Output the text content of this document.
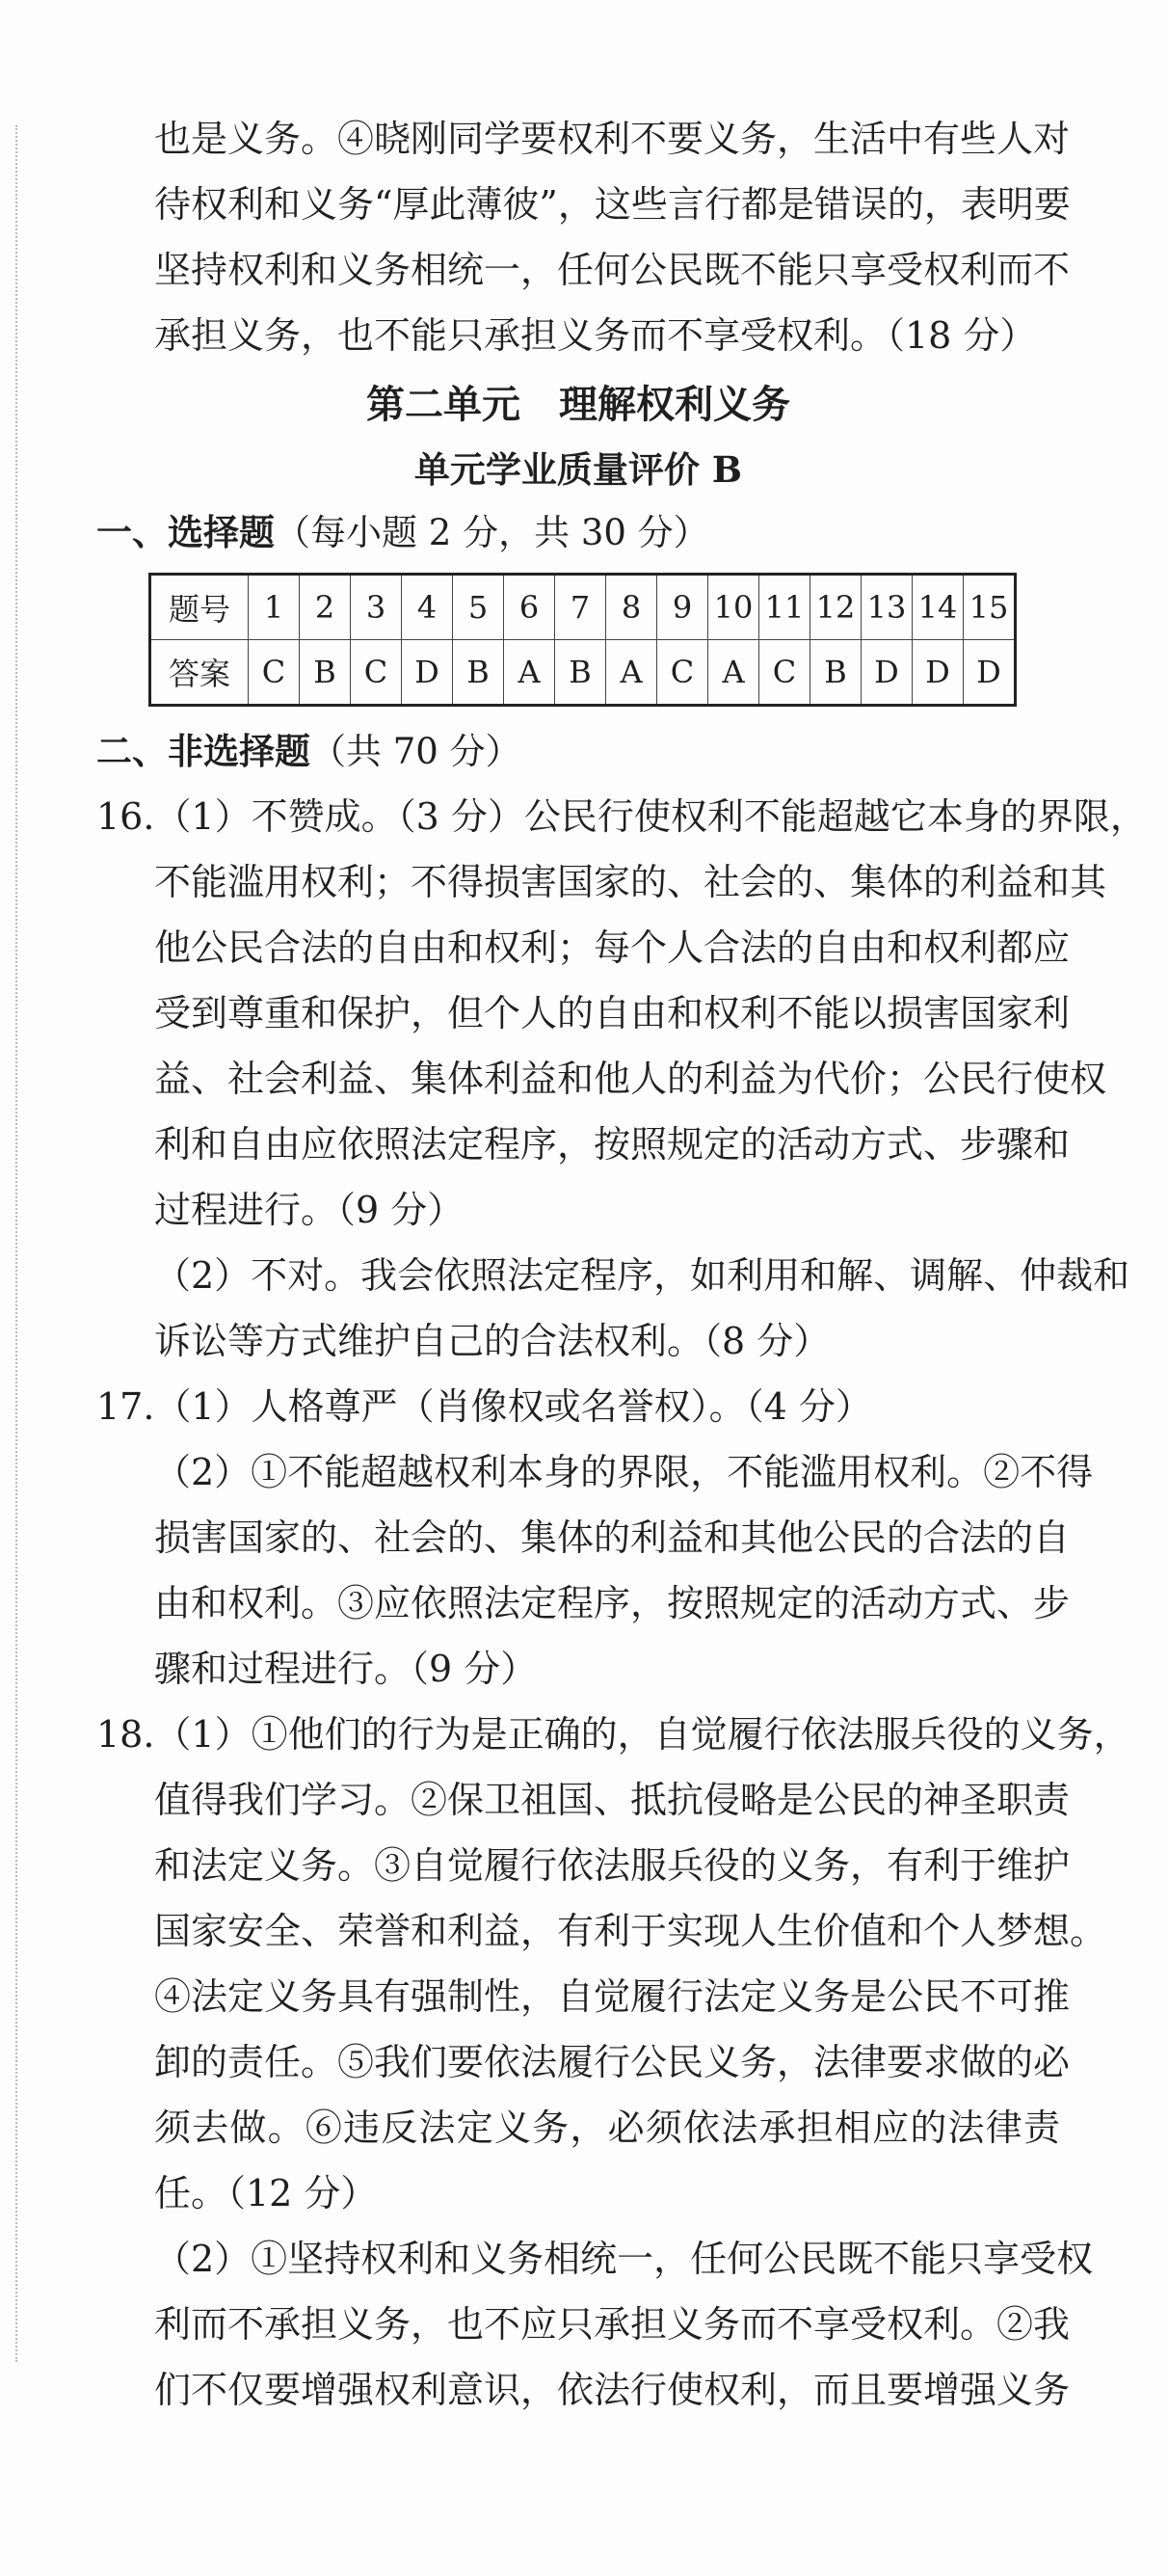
也是义务。④晓刚同学要权利不要义务，生活中有些人对
待权利和义务“厚此薄彼”，这些言行都是错误的，表明要
坚持权利和义务相统一，任何公民既不能只享受权利而不
承担义务，也不能只承担义务而不享受权利。（18 分）
第二单元　理解权利义务
单元学业质量评价 B
一、选择题（每小题 2 分，共 30 分）
题号	1	2	3	4	5	6	7	8	9	10	11	12	13	14	15
答案	C	B	C	D	B	A	B	A	C	A	C	B	D	D	D
二、非选择题（共 70 分）
16.（1）不赞成。（3 分）公民行使权利不能超越它本身的界限，
不能滥用权利；不得损害国家的、社会的、集体的利益和其
他公民合法的自由和权利；每个人合法的自由和权利都应
受到尊重和保护，但个人的自由和权利不能以损害国家利
益、社会利益、集体利益和他人的利益为代价；公民行使权
利和自由应依照法定程序，按照规定的活动方式、步骤和
过程进行。（9 分）
（2）不对。我会依照法定程序，如利用和解、调解、仲裁和
诉讼等方式维护自己的合法权利。（8 分）
17.（1）人格尊严（肖像权或名誉权）。（4 分）
（2）①不能超越权利本身的界限，不能滥用权利。②不得
损害国家的、社会的、集体的利益和其他公民的合法的自
由和权利。③应依照法定程序，按照规定的活动方式、步
骤和过程进行。（9 分）
18.（1）①他们的行为是正确的，自觉履行依法服兵役的义务，
值得我们学习。②保卫祖国、抵抗侵略是公民的神圣职责
和法定义务。③自觉履行依法服兵役的义务，有利于维护
国家安全、荣誉和利益，有利于实现人生价值和个人梦想。
④法定义务具有强制性，自觉履行法定义务是公民不可推
卸的责任。⑤我们要依法履行公民义务，法律要求做的必
须去做。⑥违反法定义务，必须依法承担相应的法律责
任。（12 分）
（2）①坚持权利和义务相统一，任何公民既不能只享受权
利而不承担义务，也不应只承担义务而不享受权利。②我
们不仅要增强权利意识，依法行使权利，而且要增强义务
